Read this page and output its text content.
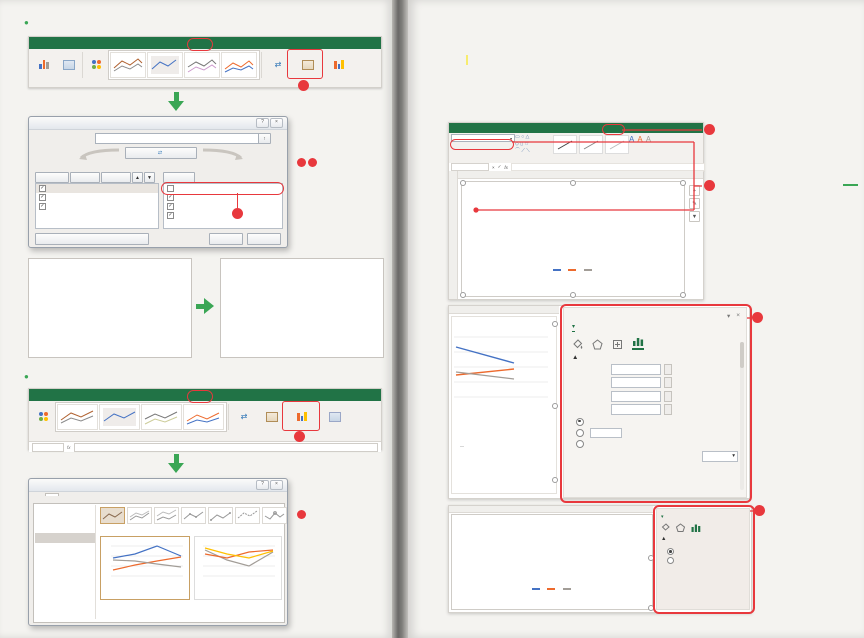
●
⇄
?	×
↑
⇄
▲	▼
✓
✓
✓
✓
✓
✓
●
⇄
fx
?	×

▾ ▭ ○ △
◇ ▯ ☆
⌒ ⟋ ⟍
A A A
× ✓ fx
+
✎
▼

—
▾ ×
▾
▲
▾

▾
▲
